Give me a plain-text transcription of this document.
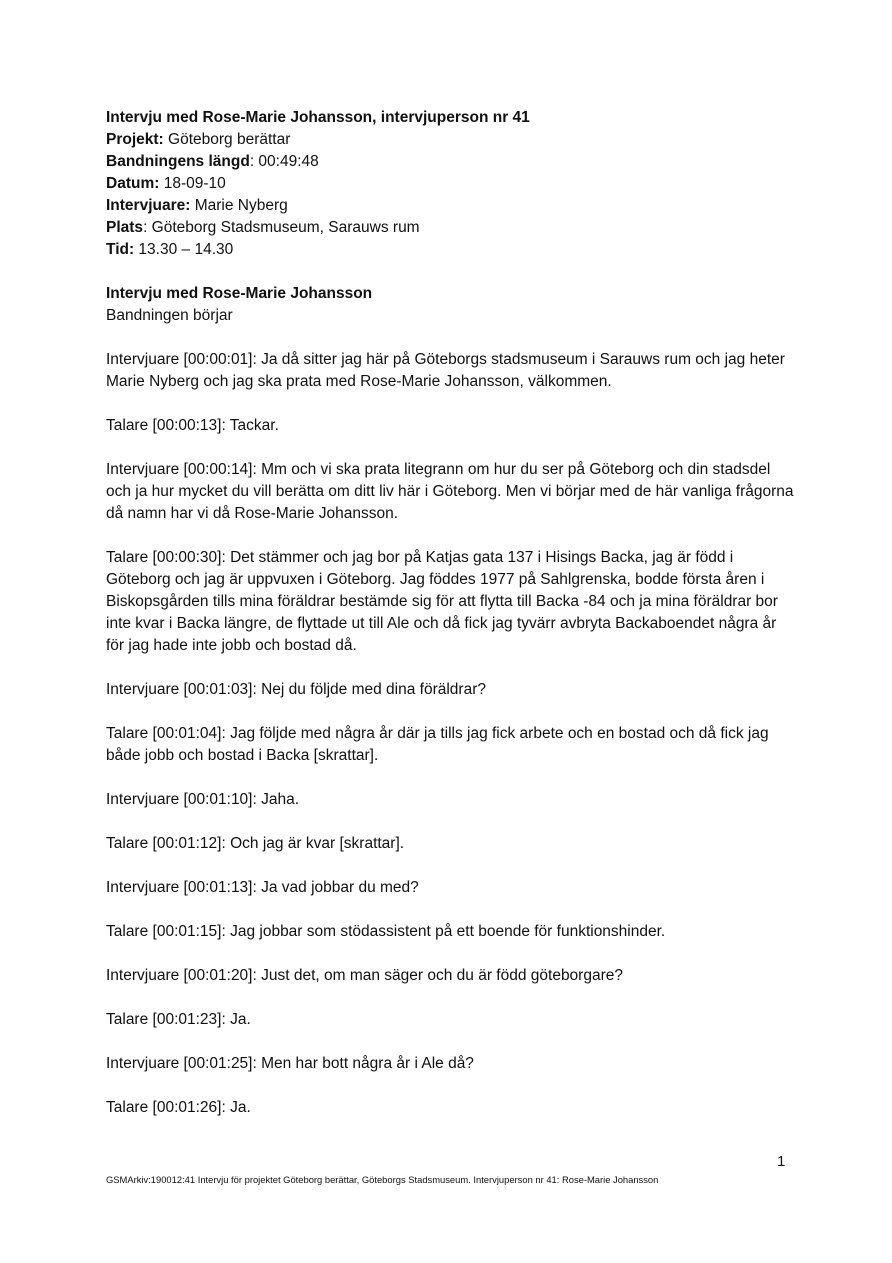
Intervju med Rose-Marie Johansson, intervjuperson nr 41
Projekt: Göteborg berättar
Bandningens längd: 00:49:48
Datum: 18-09-10
Intervjuare: Marie Nyberg
Plats: Göteborg Stadsmuseum, Sarauws rum
Tid: 13.30 – 14.30
Intervju med Rose-Marie Johansson
Bandningen börjar

Intervjuare [00:00:01]: Ja då sitter jag här på Göteborgs stadsmuseum i Sarauws rum och jag heter Marie Nyberg och jag ska prata med Rose-Marie Johansson, välkommen.

Talare [00:00:13]: Tackar.

Intervjuare [00:00:14]: Mm och vi ska prata litegrann om hur du ser på Göteborg och din stadsdel och ja hur mycket du vill berätta om ditt liv här i Göteborg. Men vi börjar med de här vanliga frågorna då namn har vi då Rose-Marie Johansson.

Talare [00:00:30]: Det stämmer och jag bor på Katjas gata 137 i Hisings Backa, jag är född i Göteborg och jag är uppvuxen i Göteborg. Jag föddes 1977 på Sahlgrenska, bodde första åren i Biskopsgården tills mina föräldrar bestämde sig för att flytta till Backa -84 och ja mina föräldrar bor inte kvar i Backa längre, de flyttade ut till Ale och då fick jag tyvärr avbryta Backaboendet några år för jag hade inte jobb och bostad då.

Intervjuare [00:01:03]: Nej du följde med dina föräldrar?

Talare [00:01:04]: Jag följde med några år där ja tills jag fick arbete och en bostad och då fick jag både jobb och bostad i Backa [skrattar].

Intervjuare [00:01:10]: Jaha.

Talare [00:01:12]: Och jag är kvar [skrattar].

Intervjuare [00:01:13]: Ja vad jobbar du med?

Talare [00:01:15]: Jag jobbar som stödassistent på ett boende för funktionshinder.

Intervjuare [00:01:20]: Just det, om man säger och du är född göteborgare?

Talare [00:01:23]: Ja.

Intervjuare [00:01:25]: Men har bott några år i Ale då?

Talare [00:01:26]: Ja.

1
GSMArkiv:190012:41 Intervju för projektet Göteborg berättar, Göteborgs Stadsmuseum. Intervjuperson nr 41: Rose-Marie Johansson
